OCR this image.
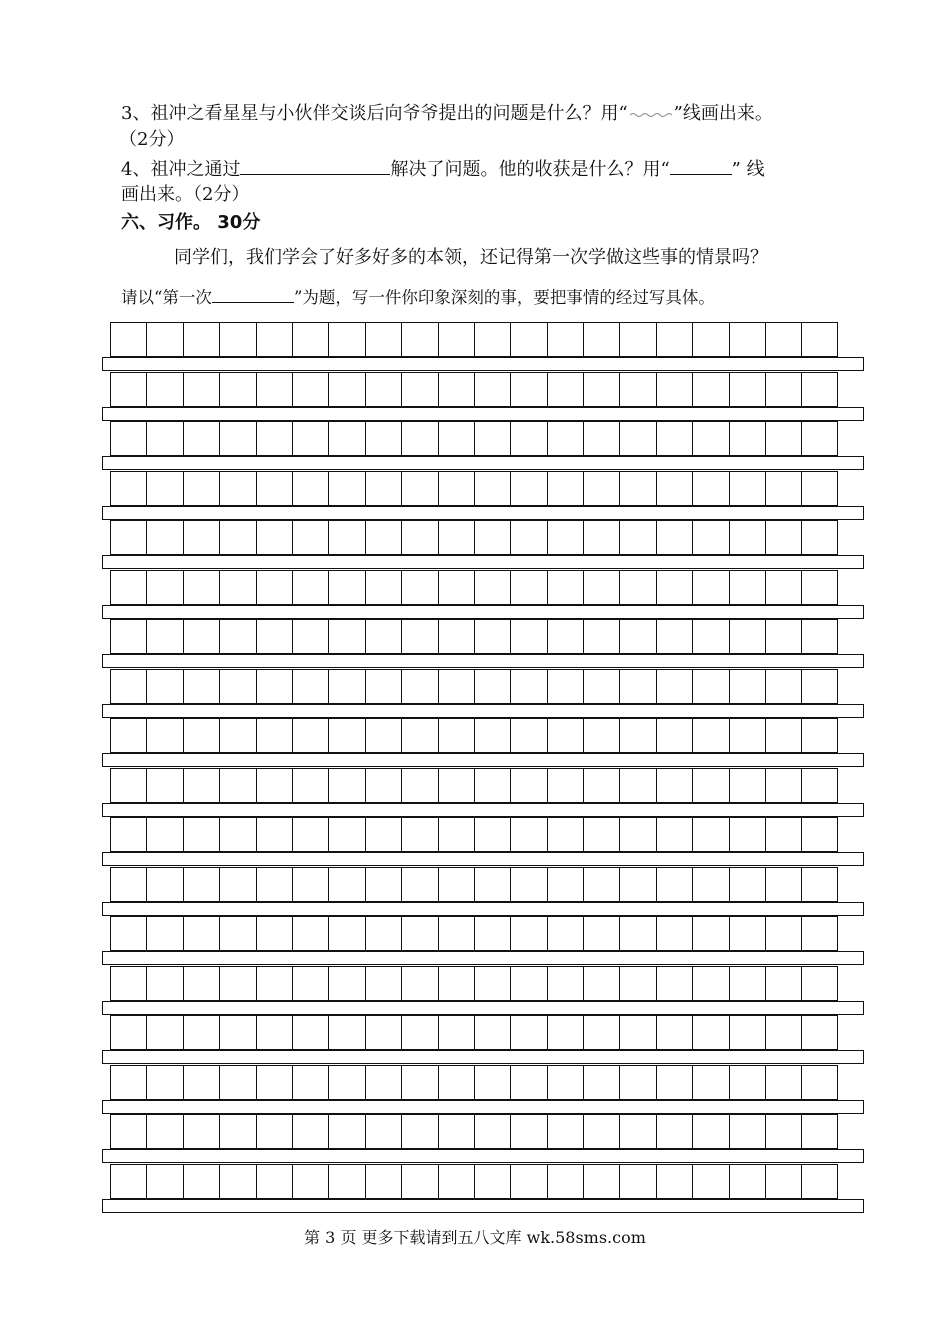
3、祖冲之看星星与小伙伴交谈后向爷爷提出的问题是什么？用“	”线画出来。
（2分）
4、祖冲之通过	解决了问题。他的收获是什么？用“	” 线
画出来。（2分）
六、习作。 30分
同学们，我们学会了好多好多的本领，还记得第一次学做这些事的情景吗？
请以“第一次	”为题，写一件你印象深刻的事，要把事情的经过写具体。
第 3 页 更多下载请到五八文库 wk.58sms.com
